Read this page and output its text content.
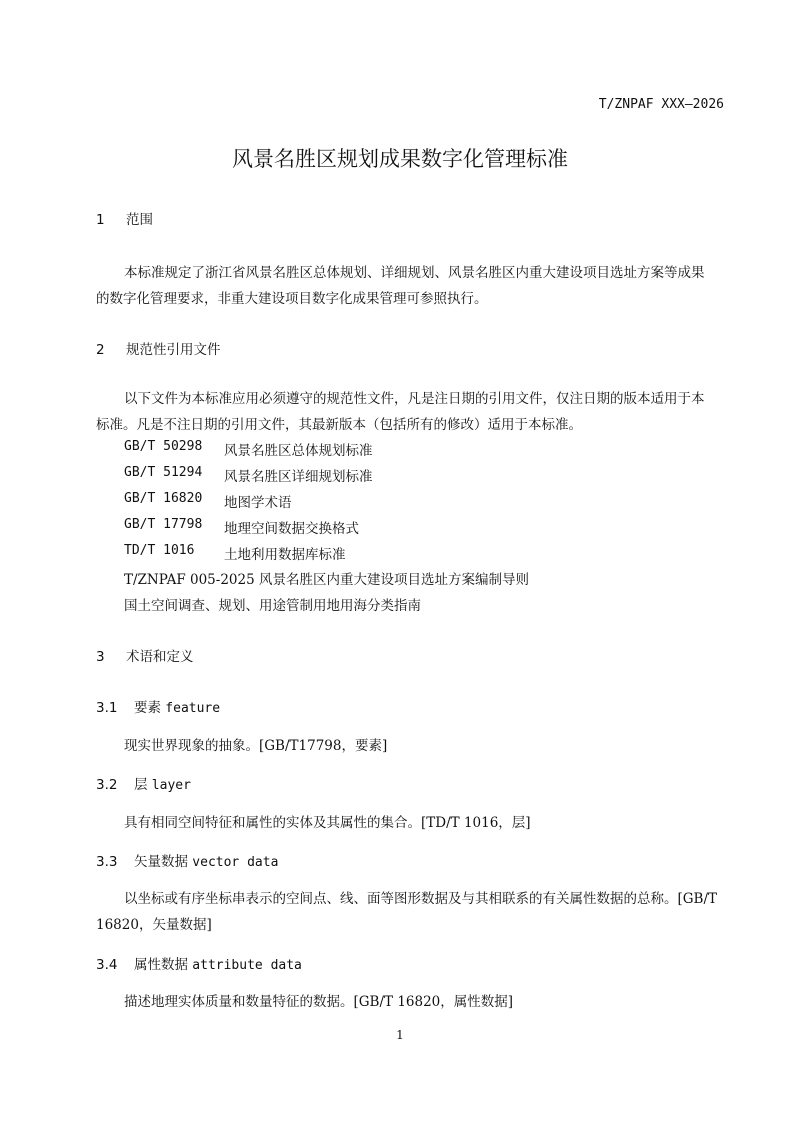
T/ZNPAF XXX—2026
风景名胜区规划成果数字化管理标准
1 范围
本标准规定了浙江省风景名胜区总体规划、详细规划、风景名胜区内重大建设项目选址方案等成果
的数字化管理要求，非重大建设项目数字化成果管理可参照执行。
2 规范性引用文件
以下文件为本标准应用必须遵守的规范性文件，凡是注日期的引用文件，仅注日期的版本适用于本
标准。凡是不注日期的引用文件，其最新版本（包括所有的修改）适用于本标准。
GB/T 50298 风景名胜区总体规划标准
GB/T 51294 风景名胜区详细规划标准
GB/T 16820 地图学术语
GB/T 17798 地理空间数据交换格式
TD/T 1016 土地利用数据库标准
T/ZNPAF 005-2025 风景名胜区内重大建设项目选址方案编制导则
国土空间调查、规划、用途管制用地用海分类指南
3 术语和定义
3.1 要素 feature
现实世界现象的抽象。[GB/T17798，要素]
3.2 层 layer
具有相同空间特征和属性的实体及其属性的集合。[TD/T 1016，层]
3.3 矢量数据 vector data
以坐标或有序坐标串表示的空间点、线、面等图形数据及与其相联系的有关属性数据的总称。[GB/T
16820，矢量数据]
3.4 属性数据 attribute data
描述地理实体质量和数量特征的数据。[GB/T 16820，属性数据]
1
